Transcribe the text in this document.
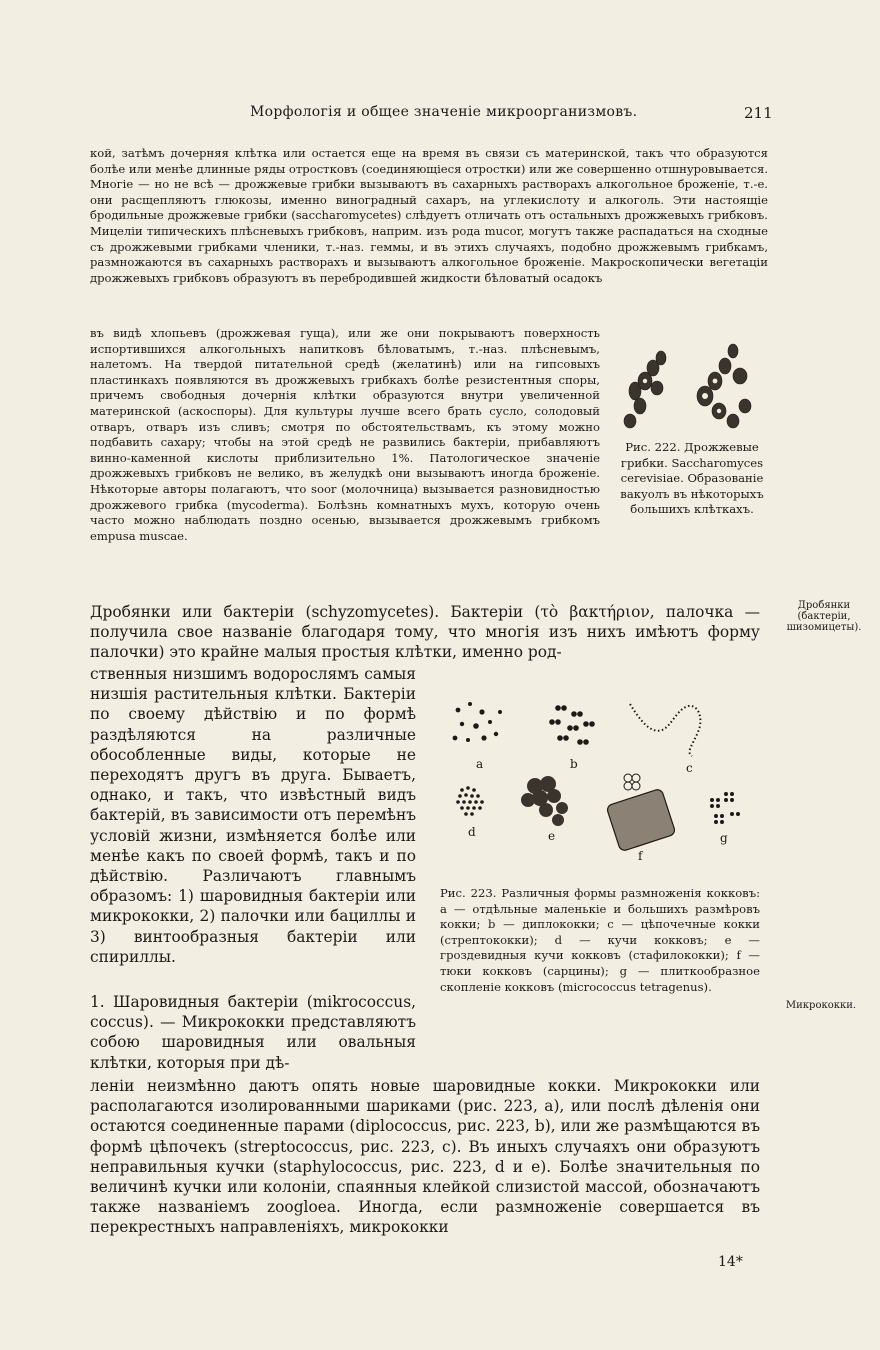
Морфологія и общее значеніе микроорганизмовъ.	211

кой, затѣмъ дочерняя клѣтка или остается еще на время въ связи съ материнской, такъ что образуются болѣе или менѣе длинные ряды отростковъ (соединяющіеся отростки) или же совершенно отшнуровывается. Многіе — но не всѣ — дрожжевые грибки вызываютъ въ сахарныхъ растворахъ алкогольное броженіе, т.-е. они расщепляютъ глюкозы, именно виноградный сахаръ, на углекислоту и алкоголь. Эти настоящіе бродильные дрожжевые грибки (saccharomycetes) слѣдуетъ отличать отъ остальныхъ дрожжевыхъ грибковъ. Мицеліи типическихъ плѣсневыхъ грибковъ, наприм. изъ рода mucor, могутъ также распадаться на сходные съ дрожжевыми грибками членики, т.-наз. геммы, и въ этихъ случаяхъ, подобно дрожжевымъ грибкамъ, размножаются въ сахарныхъ растворахъ и вызываютъ алкогольное броженіе. Макроскопически вегетаціи дрожжевыхъ грибковъ образуютъ въ перебродившей жидкости бѣловатый осадокъ

въ видѣ хлопьевъ (дрожжевая гуща), или же они покрываютъ поверхность испортившихся алкогольныхъ напитковъ бѣловатымъ, т.-наз. плѣсневымъ, налетомъ. На твердой питательной средѣ (желатинѣ) или на гипсовыхъ пластинкахъ появляются въ дрожжевыхъ грибкахъ болѣе резистентныя споры, причемъ свободныя дочернія клѣтки образуются внутри увеличенной материнской (аскоспоры). Для культуры лучше всего брать сусло, солодовый отваръ, отваръ изъ сливъ; смотря по обстоятельствамъ, къ этому можно подбавить сахару; чтобы на этой средѣ не развились бактеріи, прибавляютъ винно-каменной кислоты приблизительно 1%. Патологическое значеніе дрожжевыхъ грибковъ не велико, въ желудкѣ они вызываютъ иногда броженіе. Нѣкоторые авторы полагаютъ, что soor (молочница) вызывается разновидностью дрожжевого грибка (mycoderma). Болѣзнь комнатныхъ мухъ, которую очень часто можно наблюдать поздно осенью, вызывается дрожжевымъ грибкомъ empusa muscae.

Рис. 222. Дрожжевые грибки. Saccharomyces cerevisiae. Образованіе вакуолъ въ нѣкоторыхъ большихъ клѣткахъ.

Дробянки или бактеріи (schyzomycetes). Бактеріи (τὸ βακτήριον, палочка — получила свое названіе благодаря тому, что многія изъ нихъ имѣютъ форму палочки) это крайне малыя простыя клѣтки, именно род-

Дробянки (бактеріи, шизомицеты).

ственныя низшимъ водорослямъ самыя низшія растительныя клѣтки. Бактеріи по своему дѣйствію и по формѣ раздѣляются на различные обособленные виды, которые не переходятъ другъ въ друга. Бываетъ, однако, и такъ, что извѣстный видъ бактерій, въ зависимости отъ перемѣнъ условій жизни, измѣняется болѣе или менѣе какъ по своей формѣ, такъ и по дѣйствію. Различаютъ главнымъ образомъ: 1) шаровидныя бактеріи или микрококки, 2) палочки или бациллы и 3) винтообразныя бактеріи или спириллы.

a	b	c
d	e
f
g
Рис. 223. Различныя формы размноженія кокковъ: a — отдѣльные маленькіе и большихъ размѣровъ кокки; b — диплококки; c — цѣпочечные кокки (стрептококки); d — кучи кокковъ; e — гроздевидныя кучи кокковъ (стафилококки); f — тюки кокковъ (сарцины); g — плиткообразное скопленіе кокковъ (micrococcus tetragenus).

1. Шаровидныя бактеріи (mikrococcus, coccus). — Микрококки представляютъ собою шаровидныя или овальныя клѣтки, которыя при дѣ-

Микрококки.

леніи неизмѣнно даютъ опять новые шаровидные кокки. Микрококки или располагаются изолированными шариками (рис. 223, a), или послѣ дѣленія они остаются соединенные парами (diplococcus, рис. 223, b), или же размѣщаются въ формѣ цѣпочекъ (streptococcus, рис. 223, c). Въ иныхъ случаяхъ они образуютъ неправильныя кучки (staphylococcus, рис. 223, d и e). Болѣе значительныя по величинѣ кучки или колоніи, спаянныя клейкой слизистой массой, обозначаютъ также названіемъ zoogloea. Иногда, если размноженіе совершается въ перекрестныхъ направленіяхъ, микрококки

14*
